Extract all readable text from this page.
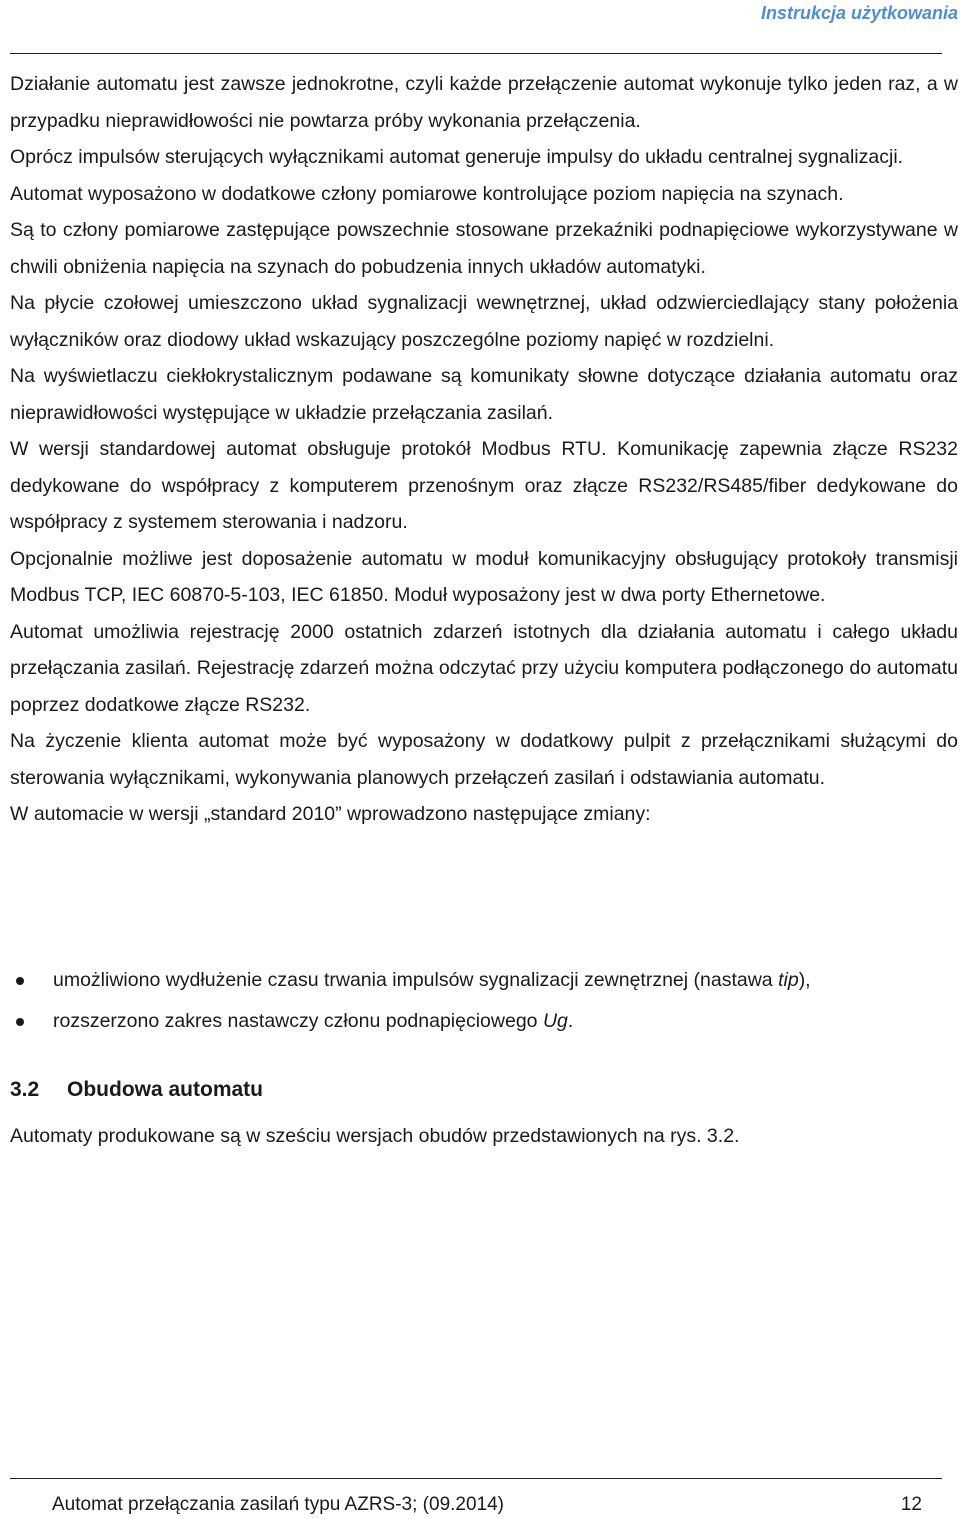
Instrukcja użytkowania

Działanie automatu jest zawsze jednokrotne, czyli każde przełączenie automat wykonuje tylko jeden raz, a w przypadku nieprawidłowości nie powtarza próby wykonania przełączenia.

Oprócz impulsów sterujących wyłącznikami automat generuje impulsy do układu centralnej sygnalizacji.

Automat wyposażono w dodatkowe człony pomiarowe kontrolujące poziom napięcia na szynach.

Są to człony pomiarowe zastępujące powszechnie stosowane przekaźniki podnapięciowe wykorzystywane w chwili obniżenia napięcia na szynach do pobudzenia innych układów automatyki.

Na płycie czołowej umieszczono układ sygnalizacji wewnętrznej, układ odzwierciedlający stany położenia wyłączników oraz diodowy układ wskazujący poszczególne poziomy napięć w rozdzielni.

Na wyświetlaczu ciekłokrystalicznym podawane są komunikaty słowne dotyczące działania automatu oraz nieprawidłowości występujące w układzie przełączania zasilań.

W wersji standardowej automat obsługuje protokół Modbus RTU. Komunikację zapewnia złącze RS232 dedykowane do współpracy z komputerem przenośnym oraz złącze RS232/RS485/fiber dedykowane do współpracy z systemem sterowania i nadzoru.

Opcjonalnie możliwe jest doposażenie automatu w moduł komunikacyjny obsługujący protokoły transmisji Modbus TCP, IEC 60870-5-103, IEC 61850. Moduł wyposażony jest w dwa porty Ethernetowe.

Automat umożliwia rejestrację 2000 ostatnich zdarzeń istotnych dla działania automatu i całego układu przełączania zasilań. Rejestrację zdarzeń można odczytać przy użyciu komputera podłączonego do automatu poprzez dodatkowe złącze RS232.

Na życzenie klienta automat może być wyposażony w dodatkowy pulpit z przełącznikami służącymi do sterowania wyłącznikami, wykonywania planowych przełączeń zasilań i odstawiania automatu.

W automacie w wersji „standard 2010” wprowadzono następujące zmiany:

umożliwiono wydłużenie czasu trwania impulsów sygnalizacji zewnętrznej (nastawa tip),
rozszerzono zakres nastawczy członu podnapięciowego Ug.
3.2 Obudowa automatu
Automaty produkowane są w sześciu wersjach obudów przedstawionych na rys. 3.2.
Automat przełączania zasilań typu AZRS-3; (09.2014)	12
